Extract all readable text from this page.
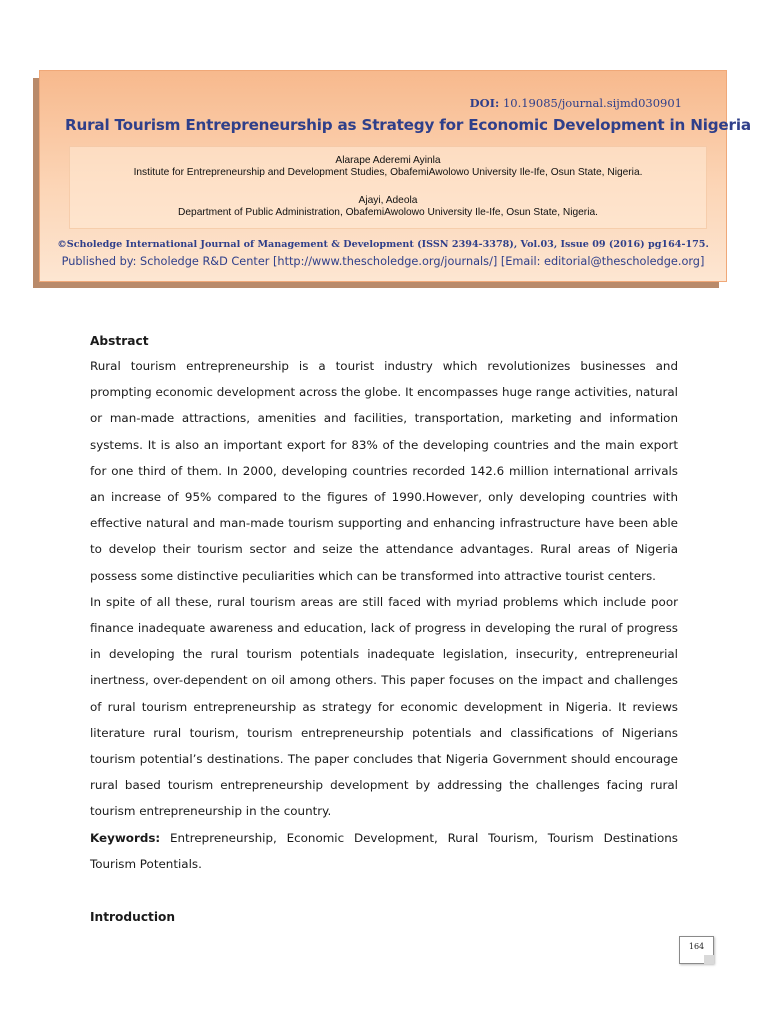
DOI: 10.19085/journal.sijmd030901
Rural Tourism Entrepreneurship as Strategy for Economic Development in Nigeria
Alarape Aderemi Ayinla
Institute for Entrepreneurship and Development Studies, ObafemiAwolowo University Ile-Ife, Osun State, Nigeria.
Ajayi, Adeola
Department of Public Administration, ObafemiAwolowo University Ile-Ife, Osun State, Nigeria.
©Scholedge International Journal of Management & Development (ISSN 2394-3378), Vol.03, Issue 09 (2016) pg164-175.
Published by: Scholedge R&D Center [http://www.thescholedge.org/journals/] [Email: editorial@thescholedge.org]
Abstract

Rural tourism entrepreneurship is a tourist industry which revolutionizes businesses and prompting economic development across the globe. It encompasses huge range activities, natural or man-made attractions, amenities and facilities, transportation, marketing and information systems. It is also an important export for 83% of the developing countries and the main export for one third of them. In 2000, developing countries recorded 142.6 million international arrivals an increase of 95% compared to the figures of 1990.However, only developing countries with effective natural and man-made tourism supporting and enhancing infrastructure have been able to develop their tourism sector and seize the attendance advantages. Rural areas of Nigeria possess some distinctive peculiarities which can be transformed into attractive tourist centers.

In spite of all these, rural tourism areas are still faced with myriad problems which include poor finance inadequate awareness and education, lack of progress in developing the rural of progress in developing the rural tourism potentials inadequate legislation, insecurity, entrepreneurial inertness, over-dependent on oil among others. This paper focuses on the impact and challenges of rural tourism entrepreneurship as strategy for economic development in Nigeria. It reviews literature rural tourism, tourism entrepreneurship potentials and classifications of Nigerians tourism potential’s destinations. The paper concludes that Nigeria Government should encourage rural based tourism entrepreneurship development by addressing the challenges facing rural tourism entrepreneurship in the country.

Keywords: Entrepreneurship, Economic Development, Rural Tourism, Tourism Destinations Tourism Potentials.

Introduction
164
